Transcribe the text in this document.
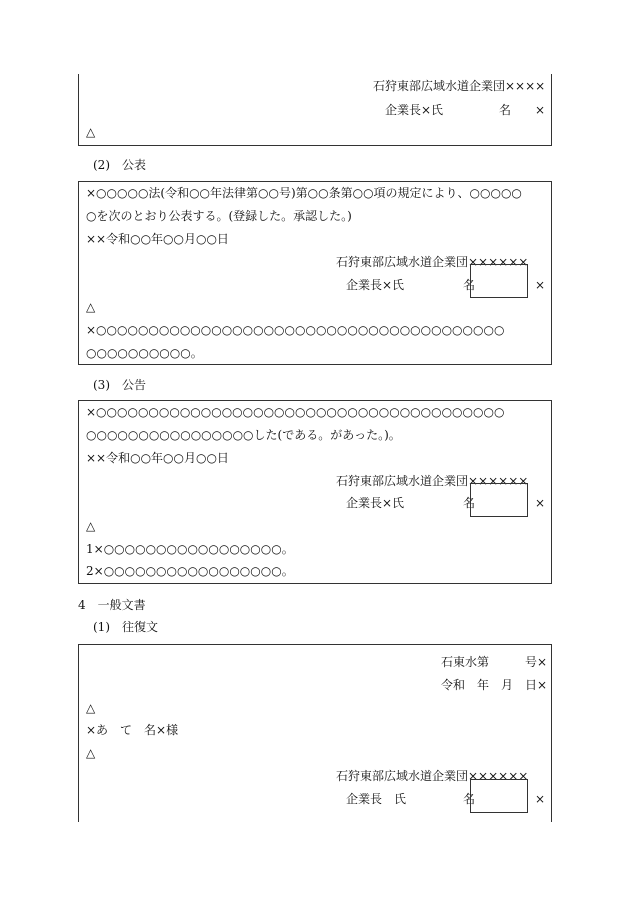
石狩東部広域水道企業団××××
企業長×氏	名 ×
△
(2)　公表
×○○○○○法(令和○○年法律第○○号)第○○条第○○項の規定により、○○○○○
○を次のとおり公表する。(登録した。承認した。)
××令和○○年○○月○○日
石狩東部広域水道企業団××××××
企業長×氏	名	×
△
×○○○○○○○○○○○○○○○○○○○○○○○○○○○○○○○○○○○○○○○
○○○○○○○○○○。
(3)　公告
×○○○○○○○○○○○○○○○○○○○○○○○○○○○○○○○○○○○○○○○
○○○○○○○○○○○○○○○○した(である。があった。)。
××令和○○年○○月○○日
石狩東部広域水道企業団××××××
企業長×氏	名	×
△
1×○○○○○○○○○○○○○○○○○。
2×○○○○○○○○○○○○○○○○○。
4　一般文書
(1)　往復文
石東水第　　　号×
令和　年　月　日×
△
×あ　て　名×様
△
石狩東部広域水道企業団××××××
企業長　氏	名	×
